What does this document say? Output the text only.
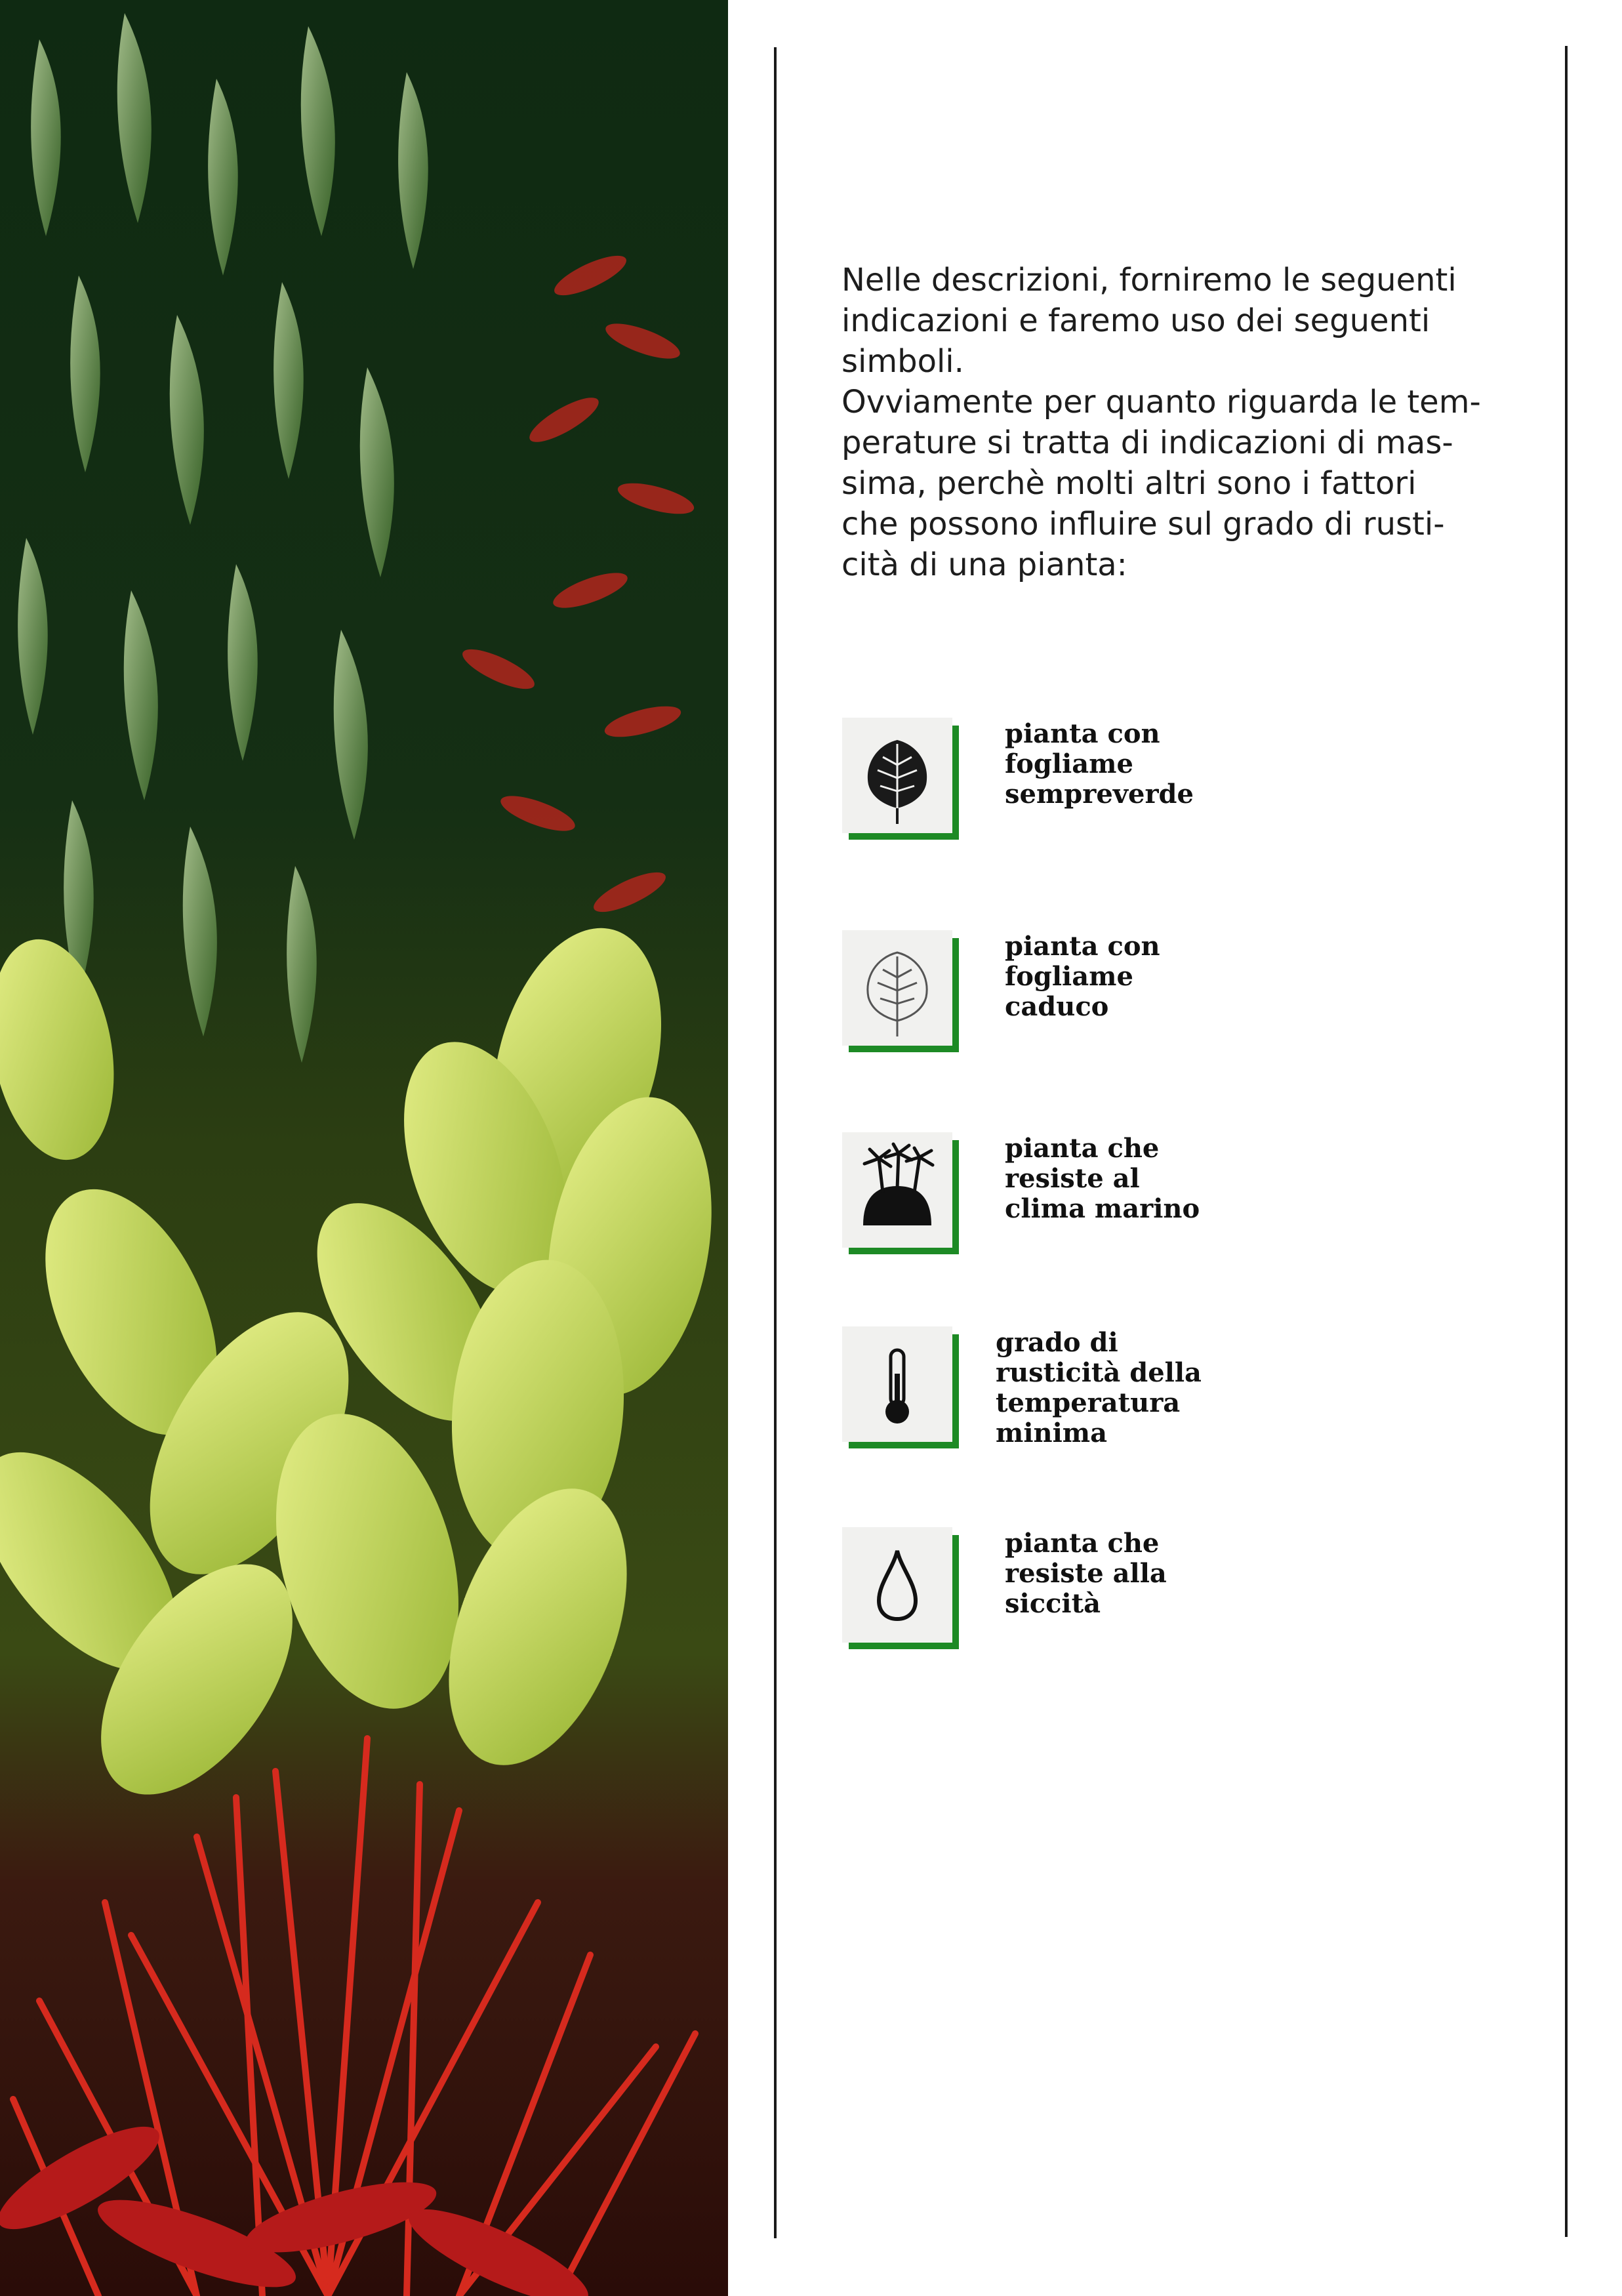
Nelle descrizioni, forniremo le seguenti
indicazioni e faremo uso dei seguenti
simboli.
Ovviamente per quanto riguarda le tem-
perature si tratta di indicazioni di mas-
sima, perchè molti altri sono i fattori
che possono influire sul grado di rusti-
cità di una pianta:

pianta con
fogliame
sempreverde

pianta con
fogliame
caduco

pianta che
resiste al
clima marino

grado di
rusticità della
temperatura
minima

pianta che
resiste alla
siccità
